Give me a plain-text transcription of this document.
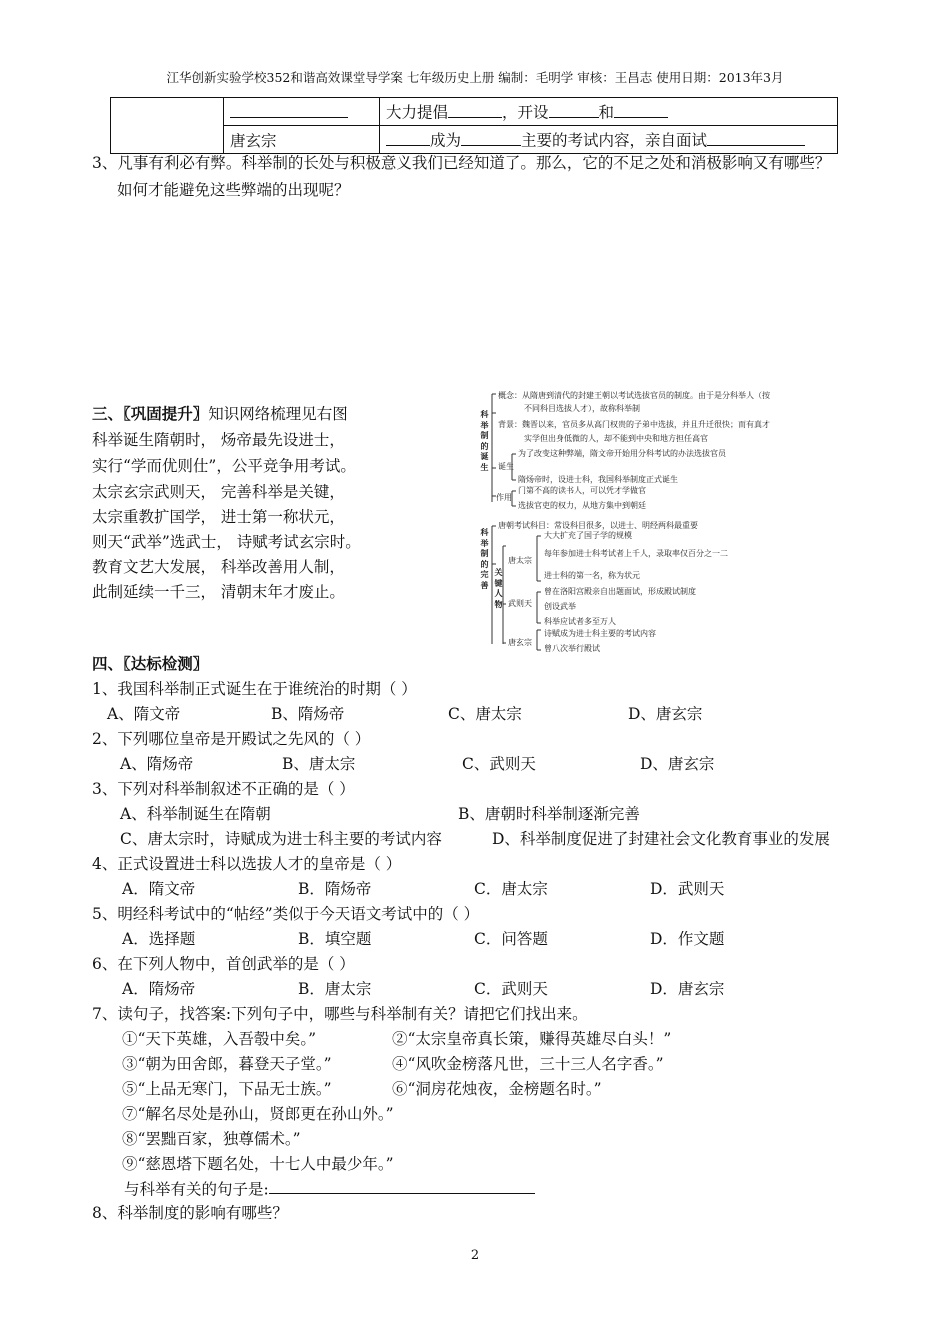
江华创新实验学校352和谐高效课堂导学案 七年级历史上册 编制：毛明学 审核：王昌志 使用日期：2013年3月
		大力提倡 ，开设 和
	唐玄宗	成为 主要的考试内容，亲自面试
3、凡事有利必有弊。科举制的长处与积极意义我们已经知道了。那么，它的不足之处和消极影响又有哪些？
如何才能避免这些弊端的出现呢？
三、〖巩固提升〗知识网络梳理见右图
科举诞生隋朝时， 炀帝最先设进士，
实行“学而优则仕”，公平竞争用考试。
太宗玄宗武则天， 完善科举是关键，
太宗重教扩国学， 进士第一称状元，
则天“武举”选武士， 诗赋考试玄宗时。
教育文艺大发展， 科举改善用人制，
此制延续一千三， 清朝末年才废止。
科举制的诞生
概念：从隋唐到清代的封建王朝以考试选拔官员的制度。由于是分科举人（按
不同科目选拔人才），故称科举制
背景：魏晋以来，官员多从高门权贵的子弟中选拔，并且升迁很快；而有真才
实学但出身低微的人，却不能到中央和地方担任高官
诞生
为了改变这种弊端，隋文帝开始用分科考试的办法选拔官员
隋炀帝时，设进士科，我国科举制度正式诞生
作用
门第不高的读书人，可以凭才学做官
选拔官吏的权力，从地方集中到朝廷
科举制的完善
唐朝考试科目：常设科目很多，以进士、明经两科最重要
关键人物
唐太宗
大大扩充了国子学的规模
每年参加进士科考试者上千人，录取率仅百分之一二
进士科的第一名，称为状元
武则天
曾在洛阳宫殿亲自出题面试，形成殿试制度
创设武举
科举应试者多至万人
唐玄宗
诗赋成为进士科主要的考试内容
曾八次举行殿试
四、〖达标检测〗
1、我国科举制正式诞生在于谁统治的时期（ ）
A、隋文帝	B、隋炀帝	C、唐太宗	D、唐玄宗
2、下列哪位皇帝是开殿试之先风的（ ）
A、隋炀帝	B、唐太宗	C、武则天	D、唐玄宗
3、下列对科举制叙述不正确的是（ ）
A、科举制诞生在隋朝	B、唐朝时科举制逐渐完善
C、唐太宗时，诗赋成为进士科主要的考试内容	D、科举制度促进了封建社会文化教育事业的发展
4、正式设置进士科以选拔人才的皇帝是（ ）
A．隋文帝	B．隋炀帝	C．唐太宗	D．武则天
5、明经科考试中的“帖经”类似于今天语文考试中的（ ）
A．选择题	B．填空题	C．问答题	D．作文题
6、在下列人物中，首创武举的是（ ）
A．隋炀帝	B．唐太宗	C．武则天	D．唐玄宗
7、读句子，找答案:下列句子中，哪些与科举制有关？请把它们找出来。
①“天下英雄，入吾彀中矣。”	②“太宗皇帝真长策，赚得英雄尽白头！”
③“朝为田舍郎，暮登天子堂。”	④“风吹金榜落凡世，三十三人名字香。”
⑤“上品无寒门，下品无士族。”	⑥“洞房花烛夜，金榜题名时。”
⑦“解名尽处是孙山，贤郎更在孙山外。”
⑧“罢黜百家，独尊儒术。”
⑨“慈恩塔下题名处，十七人中最少年。”
与科举有关的句子是:
8、科举制度的影响有哪些？
2
